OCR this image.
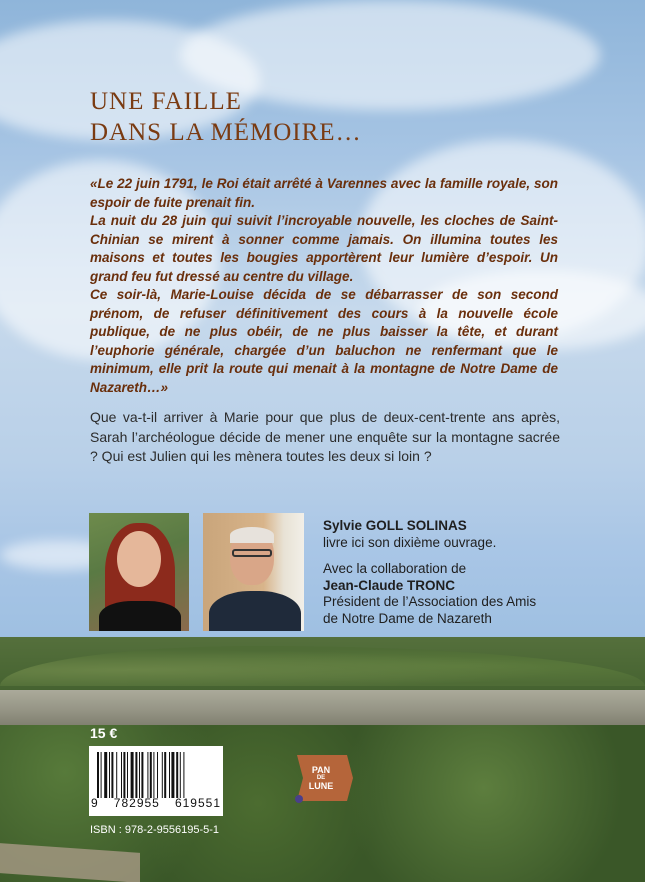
UNE FAILLE
DANS LA MÉMOIRE…

«Le 22 juin 1791, le Roi était arrêté à Varennes avec la famille royale, son espoir de fuite prenait fin.

La nuit du 28 juin qui suivit l’incroyable nouvelle, les cloches de Saint-Chinian se mirent à sonner comme jamais. On illumina toutes les maisons et toutes les bougies apportèrent leur lumière d’espoir. Un grand feu fut dressé au centre du village.

Ce soir-là, Marie-Louise décida de se débarrasser de son second prénom, de refuser définitivement des cours à la nouvelle école publique, de ne plus obéir, de ne plus baisser la tête, et durant l’euphorie générale, chargée d’un baluchon ne renfermant que le minimum, elle prit la route qui menait à la montagne de Notre Dame de Nazareth…»

Que va-t-il arriver à Marie pour que plus de deux-cent-trente ans après, Sarah l’archéologue décide de mener une enquête sur la montagne sacrée ? Qui est Julien qui les mènera toutes les deux si loin ?

Sylvie GOLL SOLINAS

livre ici son dixième ouvrage.

Avec la collaboration de

Jean-Claude TRONC

Président de l’Association des Amis

de Notre Dame de Nazareth

15 €

9 782955 619551

ISBN : 978-2-9556195-5-1

PAN
DE
LUNE
